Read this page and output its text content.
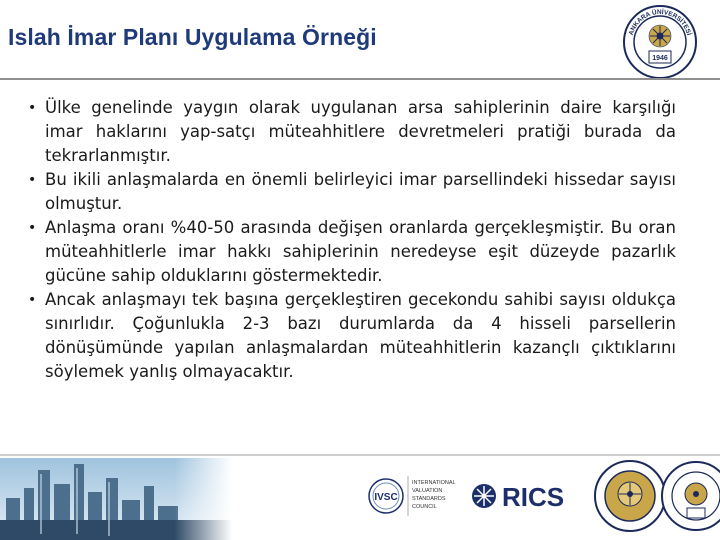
Islah İmar Planı Uygulama Örneği
1946
ANKARA ÜNİVERSİTESİ
• Ülke genelinde yaygın olarak uygulanan arsa sahiplerinin daire karşılığı imar haklarını yap-satçı müteahhitlere devretmeleri pratiği burada da tekrarlanmıştır.
• Bu ikili anlaşmalarda en önemli belirleyici imar parsellindeki hissedar sayısı olmuştur.
• Anlaşma oranı %40-50 arasında değişen oranlarda gerçekleşmiştir. Bu oran müteahhitlerle imar hakkı sahiplerinin neredeyse eşit düzeyde pazarlık gücüne sahip olduklarını göstermektedir.
• Ancak anlaşmayı tek başına gerçekleştiren gecekondu sahibi sayısı oldukça sınırlıdır. Çoğunlukla 2-3 bazı durumlarda da 4 hisseli parsellerin dönüşümünde yapılan anlaşmalardan müteahhitlerin kazançlı çıktıklarını söylemek yanlış olmayacaktır.
IVSC
INTERNATIONAL
VALUATION
STANDARDS
COUNCIL	RICS
